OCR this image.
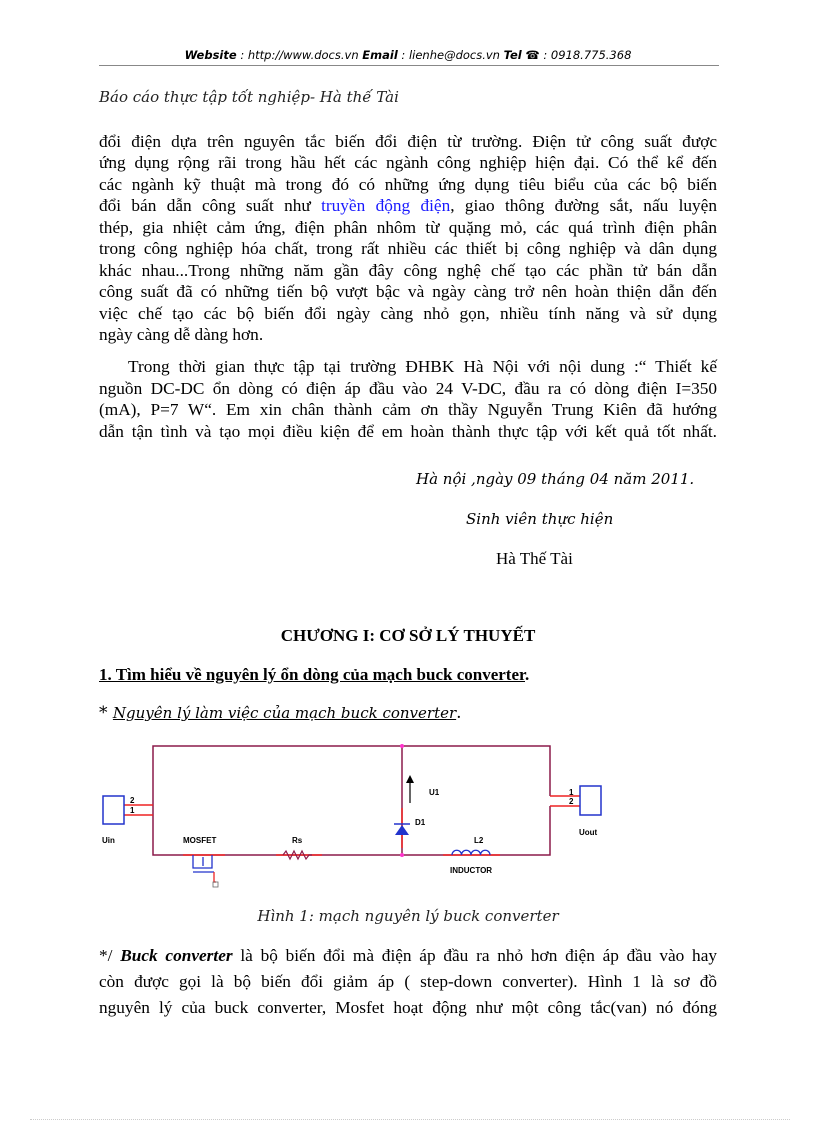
Website : http://www.docs.vn Email : lienhe@docs.vn Tel ☎ : 0918.775.368
Báo cáo thực tập tốt nghiệp- Hà thế Tài
đổi điện dựa trên nguyên tắc biến đổi điện từ trường. Điện tử công suất được
ứng dụng rộng rãi trong hầu hết các ngành công nghiệp hiện đại. Có thể kể đến
các ngành kỹ thuật mà trong đó có những ứng dụng tiêu biểu của các bộ biến
đổi bán dẫn công suất như truyền động điện, giao thông đường sắt, nấu luyện
thép, gia nhiệt cảm ứng, điện phân nhôm từ quặng mỏ, các quá trình điện phân
trong công nghiệp hóa chất, trong rất nhiều các thiết bị công nghiệp và dân dụng
khác nhau...Trong những năm gần đây công nghệ chế tạo các phần tử bán dẫn
công suất đã có những tiến bộ vượt bậc và ngày càng trở nên hoàn thiện dẫn đến
việc chế tạo các bộ biến đổi ngày càng nhỏ gọn, nhiều tính năng và sử dụng
ngày càng dễ dàng hơn.
Trong thời gian thực tập tại trường ĐHBK Hà Nội với nội dung :“ Thiết kế
nguồn DC-DC ổn dòng có điện áp đầu vào 24 V-DC, đầu ra có dòng điện I=350
(mA), P=7 W“. Em xin chân thành cảm ơn thầy Nguyễn Trung Kiên đã hướng
dẫn tận tình và tạo mọi điều kiện để em hoàn thành thực tập với kết quả tốt nhất.
Hà nội ,ngày 09 tháng 04 năm 2011.
Sinh viên thực hiện
Hà Thế Tài
CHƯƠNG I: CƠ SỞ LÝ THUYẾT
1. Tìm hiểu về nguyên lý ổn dòng của mạch buck converter.
* Nguyên lý làm việc của mạch buck converter.
2
1
1
2
Uin
Uout
MOSFET	Rs
D1
U1
L2
INDUCTOR
Hình 1: mạch nguyên lý buck converter
*/ Buck converter là bộ biến đổi mà điện áp đầu ra nhỏ hơn điện áp đầu vào hay
còn được gọi là bộ biến đổi giảm áp ( step-down converter). Hình 1 là sơ đồ
nguyên lý của buck converter, Mosfet hoạt động như một công tắc(van) nó đóng
